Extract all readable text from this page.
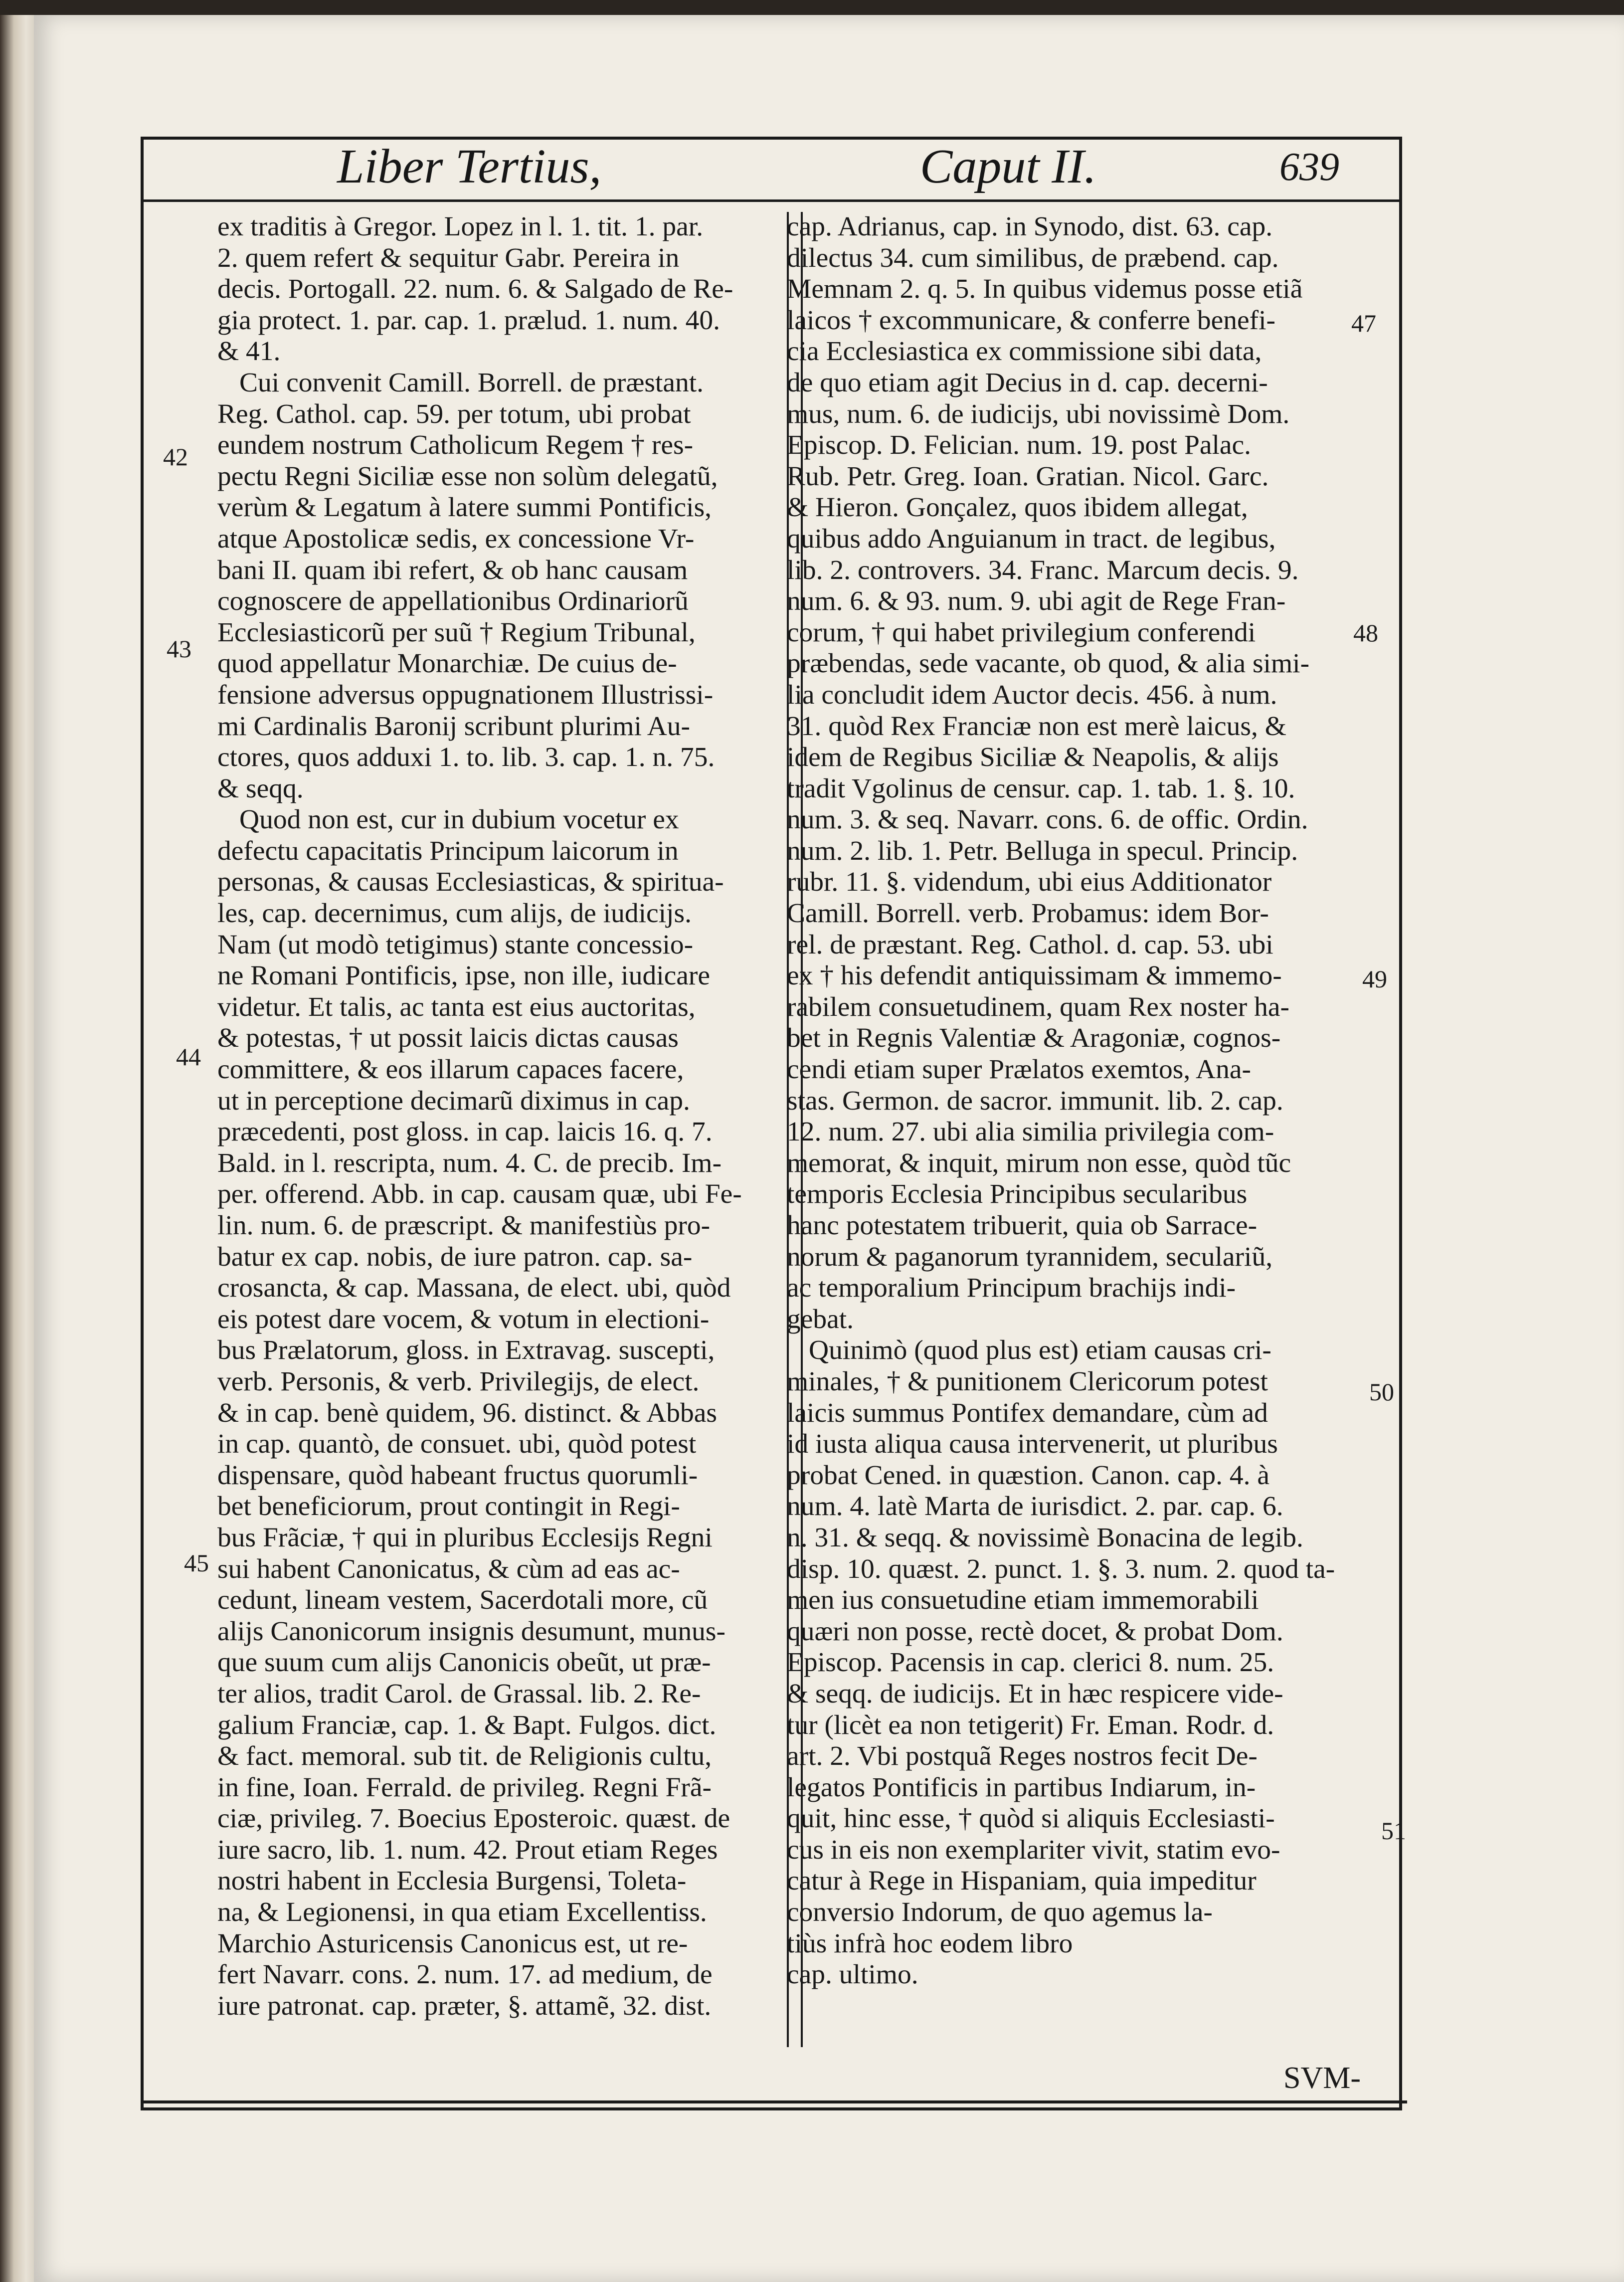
Liber Tertius,	Caput II.	639
ex traditis à Gregor. Lopez in l. 1. tit. 1. par.
2. quem refert & sequitur Gabr. Pereira in
decis. Portogall. 22. num. 6. & Salgado de Re-
gia protect. 1. par. cap. 1. prælud. 1. num. 40.
& 41.
Cui convenit Camill. Borrell. de præstant.
Reg. Cathol. cap. 59. per totum, ubi probat
eundem nostrum Catholicum Regem † res-
pectu Regni Siciliæ esse non solùm delegatũ,
verùm & Legatum à latere summi Pontificis,
atque Apostolicæ sedis, ex concessione Vr-
bani II. quam ibi refert, & ob hanc causam
cognoscere de appellationibus Ordinariorũ
Ecclesiasticorũ per suũ † Regium Tribunal,
quod appellatur Monarchiæ. De cuius de-
fensione adversus oppugnationem Illustrissi-
mi Cardinalis Baronij scribunt plurimi Au-
ctores, quos adduxi 1. to. lib. 3. cap. 1. n. 75.
& seqq.
Quod non est, cur in dubium vocetur ex
defectu capacitatis Principum laicorum in
personas, & causas Ecclesiasticas, & spiritua-
les, cap. decernimus, cum alijs, de iudicijs.
Nam (ut modò tetigimus) stante concessio-
ne Romani Pontificis, ipse, non ille, iudicare
videtur. Et talis, ac tanta est eius auctoritas,
& potestas, † ut possit laicis dictas causas
committere, & eos illarum capaces facere,
ut in perceptione decimarũ diximus in cap.
præcedenti, post gloss. in cap. laicis 16. q. 7.
Bald. in l. rescripta, num. 4. C. de precib. Im-
per. offerend. Abb. in cap. causam quæ, ubi Fe-
lin. num. 6. de præscript. & manifestiùs pro-
batur ex cap. nobis, de iure patron. cap. sa-
crosancta, & cap. Massana, de elect. ubi, quòd
eis potest dare vocem, & votum in electioni-
bus Prælatorum, gloss. in Extravag. suscepti,
verb. Personis, & verb. Privilegijs, de elect.
& in cap. benè quidem, 96. distinct. & Abbas
in cap. quantò, de consuet. ubi, quòd potest
dispensare, quòd habeant fructus quorumli-
bet beneficiorum, prout contingit in Regi-
bus Frãciæ, † qui in pluribus Ecclesijs Regni
sui habent Canonicatus, & cùm ad eas ac-
cedunt, lineam vestem, Sacerdotali more, cũ
alijs Canonicorum insignis desumunt, munus-
que suum cum alijs Canonicis obeũt, ut præ-
ter alios, tradit Carol. de Grassal. lib. 2. Re-
galium Franciæ, cap. 1. & Bapt. Fulgos. dict.
& fact. memoral. sub tit. de Religionis cultu,
in fine, Ioan. Ferrald. de privileg. Regni Frã-
ciæ, privileg. 7. Boecius Eposteroic. quæst. de
iure sacro, lib. 1. num. 42. Prout etiam Reges
nostri habent in Ecclesia Burgensi, Toleta-
na, & Legionensi, in qua etiam Excellentiss.
Marchio Asturicensis Canonicus est, ut re-
fert Navarr. cons. 2. num. 17. ad medium, de
iure patronat. cap. præter, §. attamẽ, 32. dist.
cap. Adrianus, cap. in Synodo, dist. 63. cap.
dilectus 34. cum similibus, de præbend. cap.
Memnam 2. q. 5. In quibus videmus posse etiã
laicos † excommunicare, & conferre benefi-
cia Ecclesiastica ex commissione sibi data,
de quo etiam agit Decius in d. cap. decerni-
mus, num. 6. de iudicijs, ubi novissimè Dom.
Episcop. D. Felician. num. 19. post Palac.
Rub. Petr. Greg. Ioan. Gratian. Nicol. Garc.
& Hieron. Gonçalez, quos ibidem allegat,
quibus addo Anguianum in tract. de legibus,
lib. 2. controvers. 34. Franc. Marcum decis. 9.
num. 6. & 93. num. 9. ubi agit de Rege Fran-
corum, † qui habet privilegium conferendi
præbendas, sede vacante, ob quod, & alia simi-
lia concludit idem Auctor decis. 456. à num.
31. quòd Rex Franciæ non est merè laicus, &
idem de Regibus Siciliæ & Neapolis, & alijs
tradit Vgolinus de censur. cap. 1. tab. 1. §. 10.
num. 3. & seq. Navarr. cons. 6. de offic. Ordin.
num. 2. lib. 1. Petr. Belluga in specul. Princip.
rubr. 11. §. videndum, ubi eius Additionator
Camill. Borrell. verb. Probamus: idem Bor-
rel. de præstant. Reg. Cathol. d. cap. 53. ubi
ex † his defendit antiquissimam & immemo-
rabilem consuetudinem, quam Rex noster ha-
bet in Regnis Valentiæ & Aragoniæ, cognos-
cendi etiam super Prælatos exemtos, Ana-
stas. Germon. de sacror. immunit. lib. 2. cap.
12. num. 27. ubi alia similia privilegia com-
memorat, & inquit, mirum non esse, quòd tũc
temporis Ecclesia Principibus secularibus
hanc potestatem tribuerit, quia ob Sarrace-
norum & paganorum tyrannidem, seculariũ,
ac temporalium Principum brachijs indi-
gebat.
Quinimò (quod plus est) etiam causas cri-
minales, † & punitionem Clericorum potest
laicis summus Pontifex demandare, cùm ad
id iusta aliqua causa intervenerit, ut pluribus
probat Cened. in quæstion. Canon. cap. 4. à
num. 4. latè Marta de iurisdict. 2. par. cap. 6.
n. 31. & seqq. & novissimè Bonacina de legib.
disp. 10. quæst. 2. punct. 1. §. 3. num. 2. quod ta-
men ius consuetudine etiam immemorabili
quæri non posse, rectè docet, & probat Dom.
Episcop. Pacensis in cap. clerici 8. num. 25.
& seqq. de iudicijs. Et in hæc respicere vide-
tur (licèt ea non tetigerit) Fr. Eman. Rodr. d.
art. 2. Vbi postquã Reges nostros fecit De-
legatos Pontificis in partibus Indiarum, in-
quit, hinc esse, † quòd si aliquis Ecclesiasti-
cus in eis non exemplariter vivit, statim evo-
catur à Rege in Hispaniam, quia impeditur
conversio Indorum, de quo agemus la-
tiùs infrà hoc eodem libro
cap. ultimo.
42
43
44
45
47
48
49
50
51
SVM-
